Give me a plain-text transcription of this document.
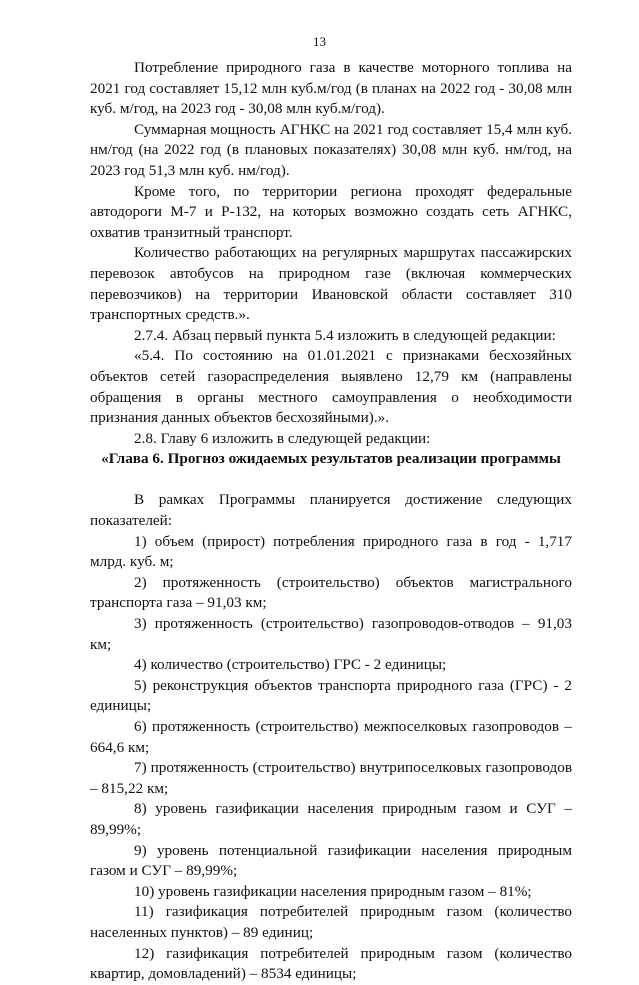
13

Потребление природного газа в качестве моторного топлива на 2021 год составляет 15,12 млн куб.м/год (в планах на 2022 год - 30,08 млн куб. м/год, на 2023 год - 30,08 млн куб.м/год).

Суммарная мощность АГНКС на 2021 год составляет 15,4 млн куб. нм/год (на 2022 год (в плановых показателях) 30,08 млн куб. нм/год, на 2023 год 51,3 млн куб. нм/год).

Кроме того, по территории региона проходят федеральные автодороги М-7 и Р-132, на которых возможно создать сеть АГНКС, охватив транзитный транспорт.

Количество работающих на регулярных маршрутах пассажирских перевозок автобусов на природном газе (включая коммерческих перевозчиков) на территории Ивановской области составляет 310 транспортных средств.».

2.7.4. Абзац первый пункта 5.4 изложить в следующей редакции:

«5.4. По состоянию на 01.01.2021 с признаками бесхозяйных объектов сетей газораспределения выявлено 12,79 км (направлены обращения в органы местного самоуправления о необходимости признания данных объектов бесхозяйными).».

2.8. Главу 6 изложить в следующей редакции:

«Глава 6. Прогноз ожидаемых результатов реализации программы

В рамках Программы планируется достижение следующих показателей:

1) объем (прирост) потребления природного газа в год - 1,717 млрд. куб. м;

2) протяженность (строительство) объектов магистрального транспорта газа – 91,03 км;

3) протяженность (строительство) газопроводов-отводов – 91,03 км;

4) количество (строительство) ГРС - 2 единицы;

5) реконструкция объектов транспорта природного газа (ГРС) - 2 единицы;

6) протяженность (строительство) межпоселковых газопроводов – 664,6 км;

7) протяженность (строительство) внутрипоселковых газопроводов – 815,22 км;

8) уровень газификации населения природным газом и СУГ – 89,99%;

9) уровень потенциальной газификации населения природным газом и СУГ – 89,99%;

10) уровень газификации населения природным газом – 81%;

11) газификация потребителей природным газом (количество населенных пунктов) – 89 единиц;

12) газификация потребителей природным газом (количество квартир, домовладений) – 8534 единицы;
